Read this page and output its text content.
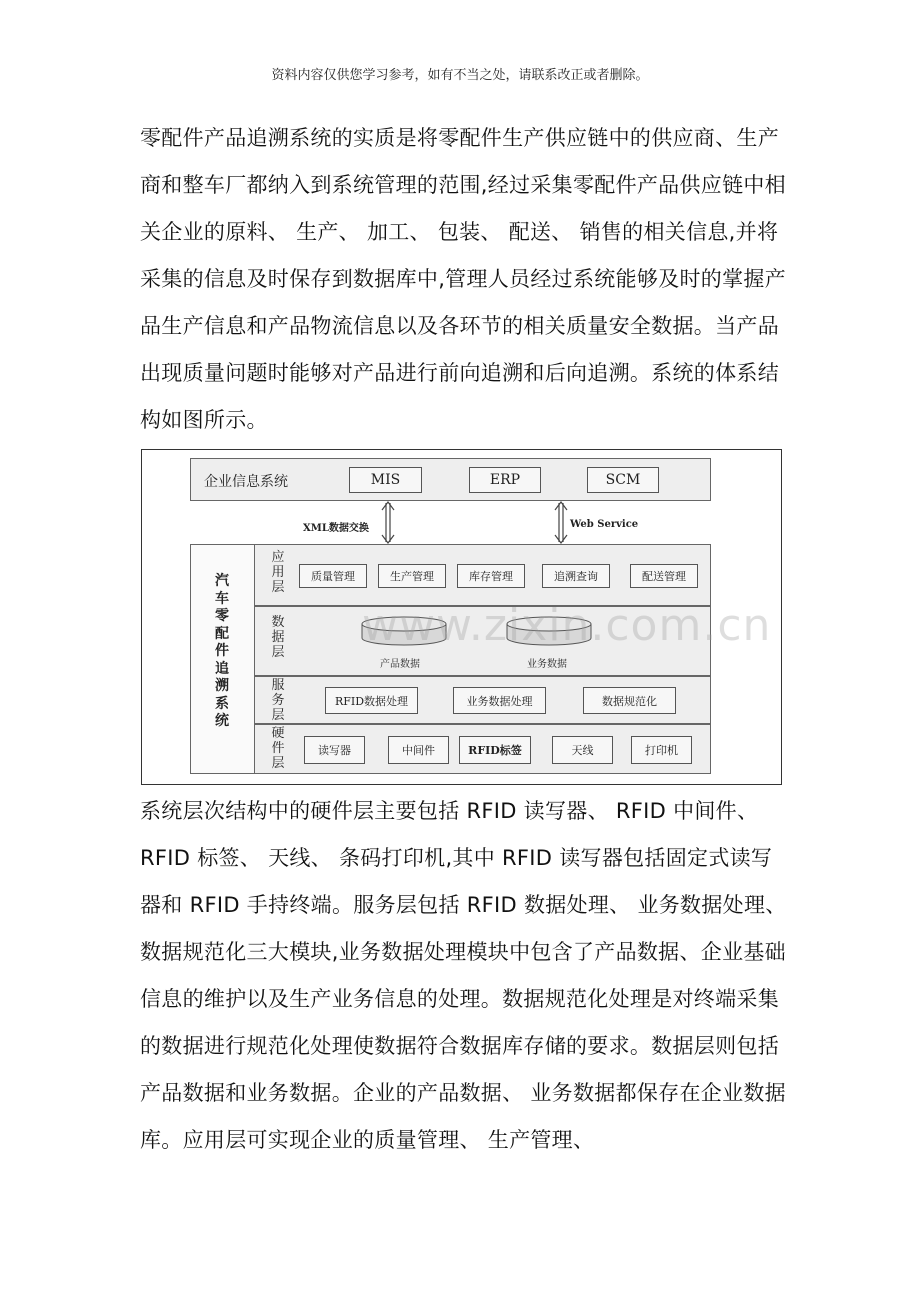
资料内容仅供您学习参考，如有不当之处，请联系改正或者删除。

零配件产品追溯系统的实质是将零配件生产供应链中的供应商、生产商和整车厂都纳入到系统管理的范围,经过采集零配件产品供应链中相关企业的原料、 生产、 加工、 包装、 配送、 销售的相关信息,并将采集的信息及时保存到数据库中,管理人员经过系统能够及时的掌握产品生产信息和产品物流信息以及各环节的相关质量安全数据。当产品出现质量问题时能够对产品进行前向追溯和后向追溯。系统的体系结构如图所示。

企业信息系统	MIS	ERP	SCM
XML数据交换	Web Service
汽车零配件追溯系统
应用层
质量管理	生产管理	库存管理	追溯查询	配送管理
数据层
产品数据	业务数据
服务层
RFID数据处理	业务数据处理	数据规范化
硬件层
读写器	中间件	RFID标签	天线	打印机
www.zixin.com.cn

系统层次结构中的硬件层主要包括 RFID 读写器、 RFID 中间件、RFID 标签、 天线、 条码打印机,其中 RFID 读写器包括固定式读写器和 RFID 手持终端。服务层包括 RFID 数据处理、 业务数据处理、 数据规范化三大模块,业务数据处理模块中包含了产品数据、企业基础信息的维护以及生产业务信息的处理。数据规范化处理是对终端采集的数据进行规范化处理使数据符合数据库存储的要求。数据层则包括产品数据和业务数据。企业的产品数据、 业务数据都保存在企业数据库。应用层可实现企业的质量管理、 生产管理、
